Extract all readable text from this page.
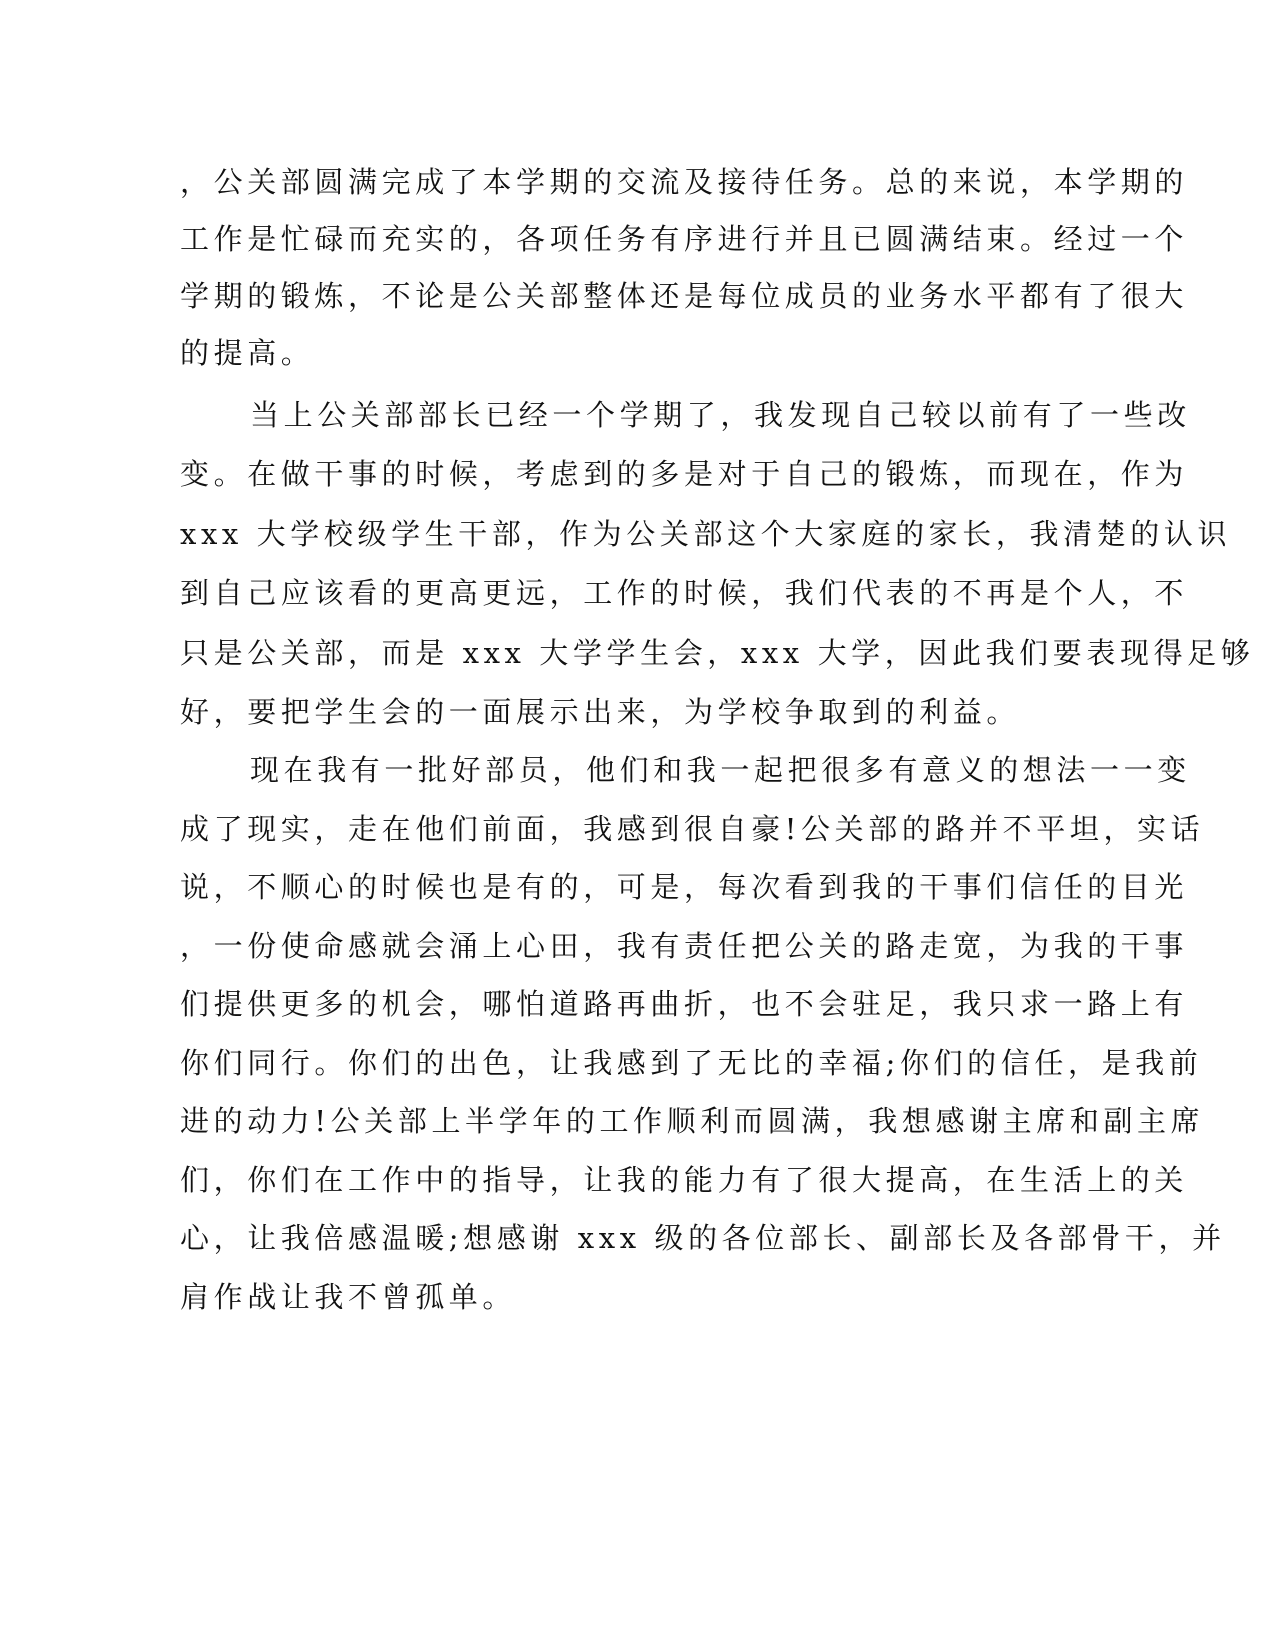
，公关部圆满完成了本学期的交流及接待任务。总的来说，本学期的
工作是忙碌而充实的，各项任务有序进行并且已圆满结束。经过一个
学期的锻炼，不论是公关部整体还是每位成员的业务水平都有了很大
的提高。
当上公关部部长已经一个学期了，我发现自己较以前有了一些改
变。在做干事的时候，考虑到的多是对于自己的锻炼，而现在，作为
xxx 大学校级学生干部，作为公关部这个大家庭的家长，我清楚的认识
到自己应该看的更高更远，工作的时候，我们代表的不再是个人，不
只是公关部，而是 xxx 大学学生会，xxx 大学，因此我们要表现得足够
好，要把学生会的一面展示出来，为学校争取到的利益。
现在我有一批好部员，他们和我一起把很多有意义的想法一一变
成了现实，走在他们前面，我感到很自豪!公关部的路并不平坦，实话
说，不顺心的时候也是有的，可是，每次看到我的干事们信任的目光
，一份使命感就会涌上心田，我有责任把公关的路走宽，为我的干事
们提供更多的机会，哪怕道路再曲折，也不会驻足，我只求一路上有
你们同行。你们的出色，让我感到了无比的幸福;你们的信任，是我前
进的动力!公关部上半学年的工作顺利而圆满，我想感谢主席和副主席
们，你们在工作中的指导，让我的能力有了很大提高，在生活上的关
心，让我倍感温暖;想感谢 xxx 级的各位部长、副部长及各部骨干，并
肩作战让我不曾孤单。
